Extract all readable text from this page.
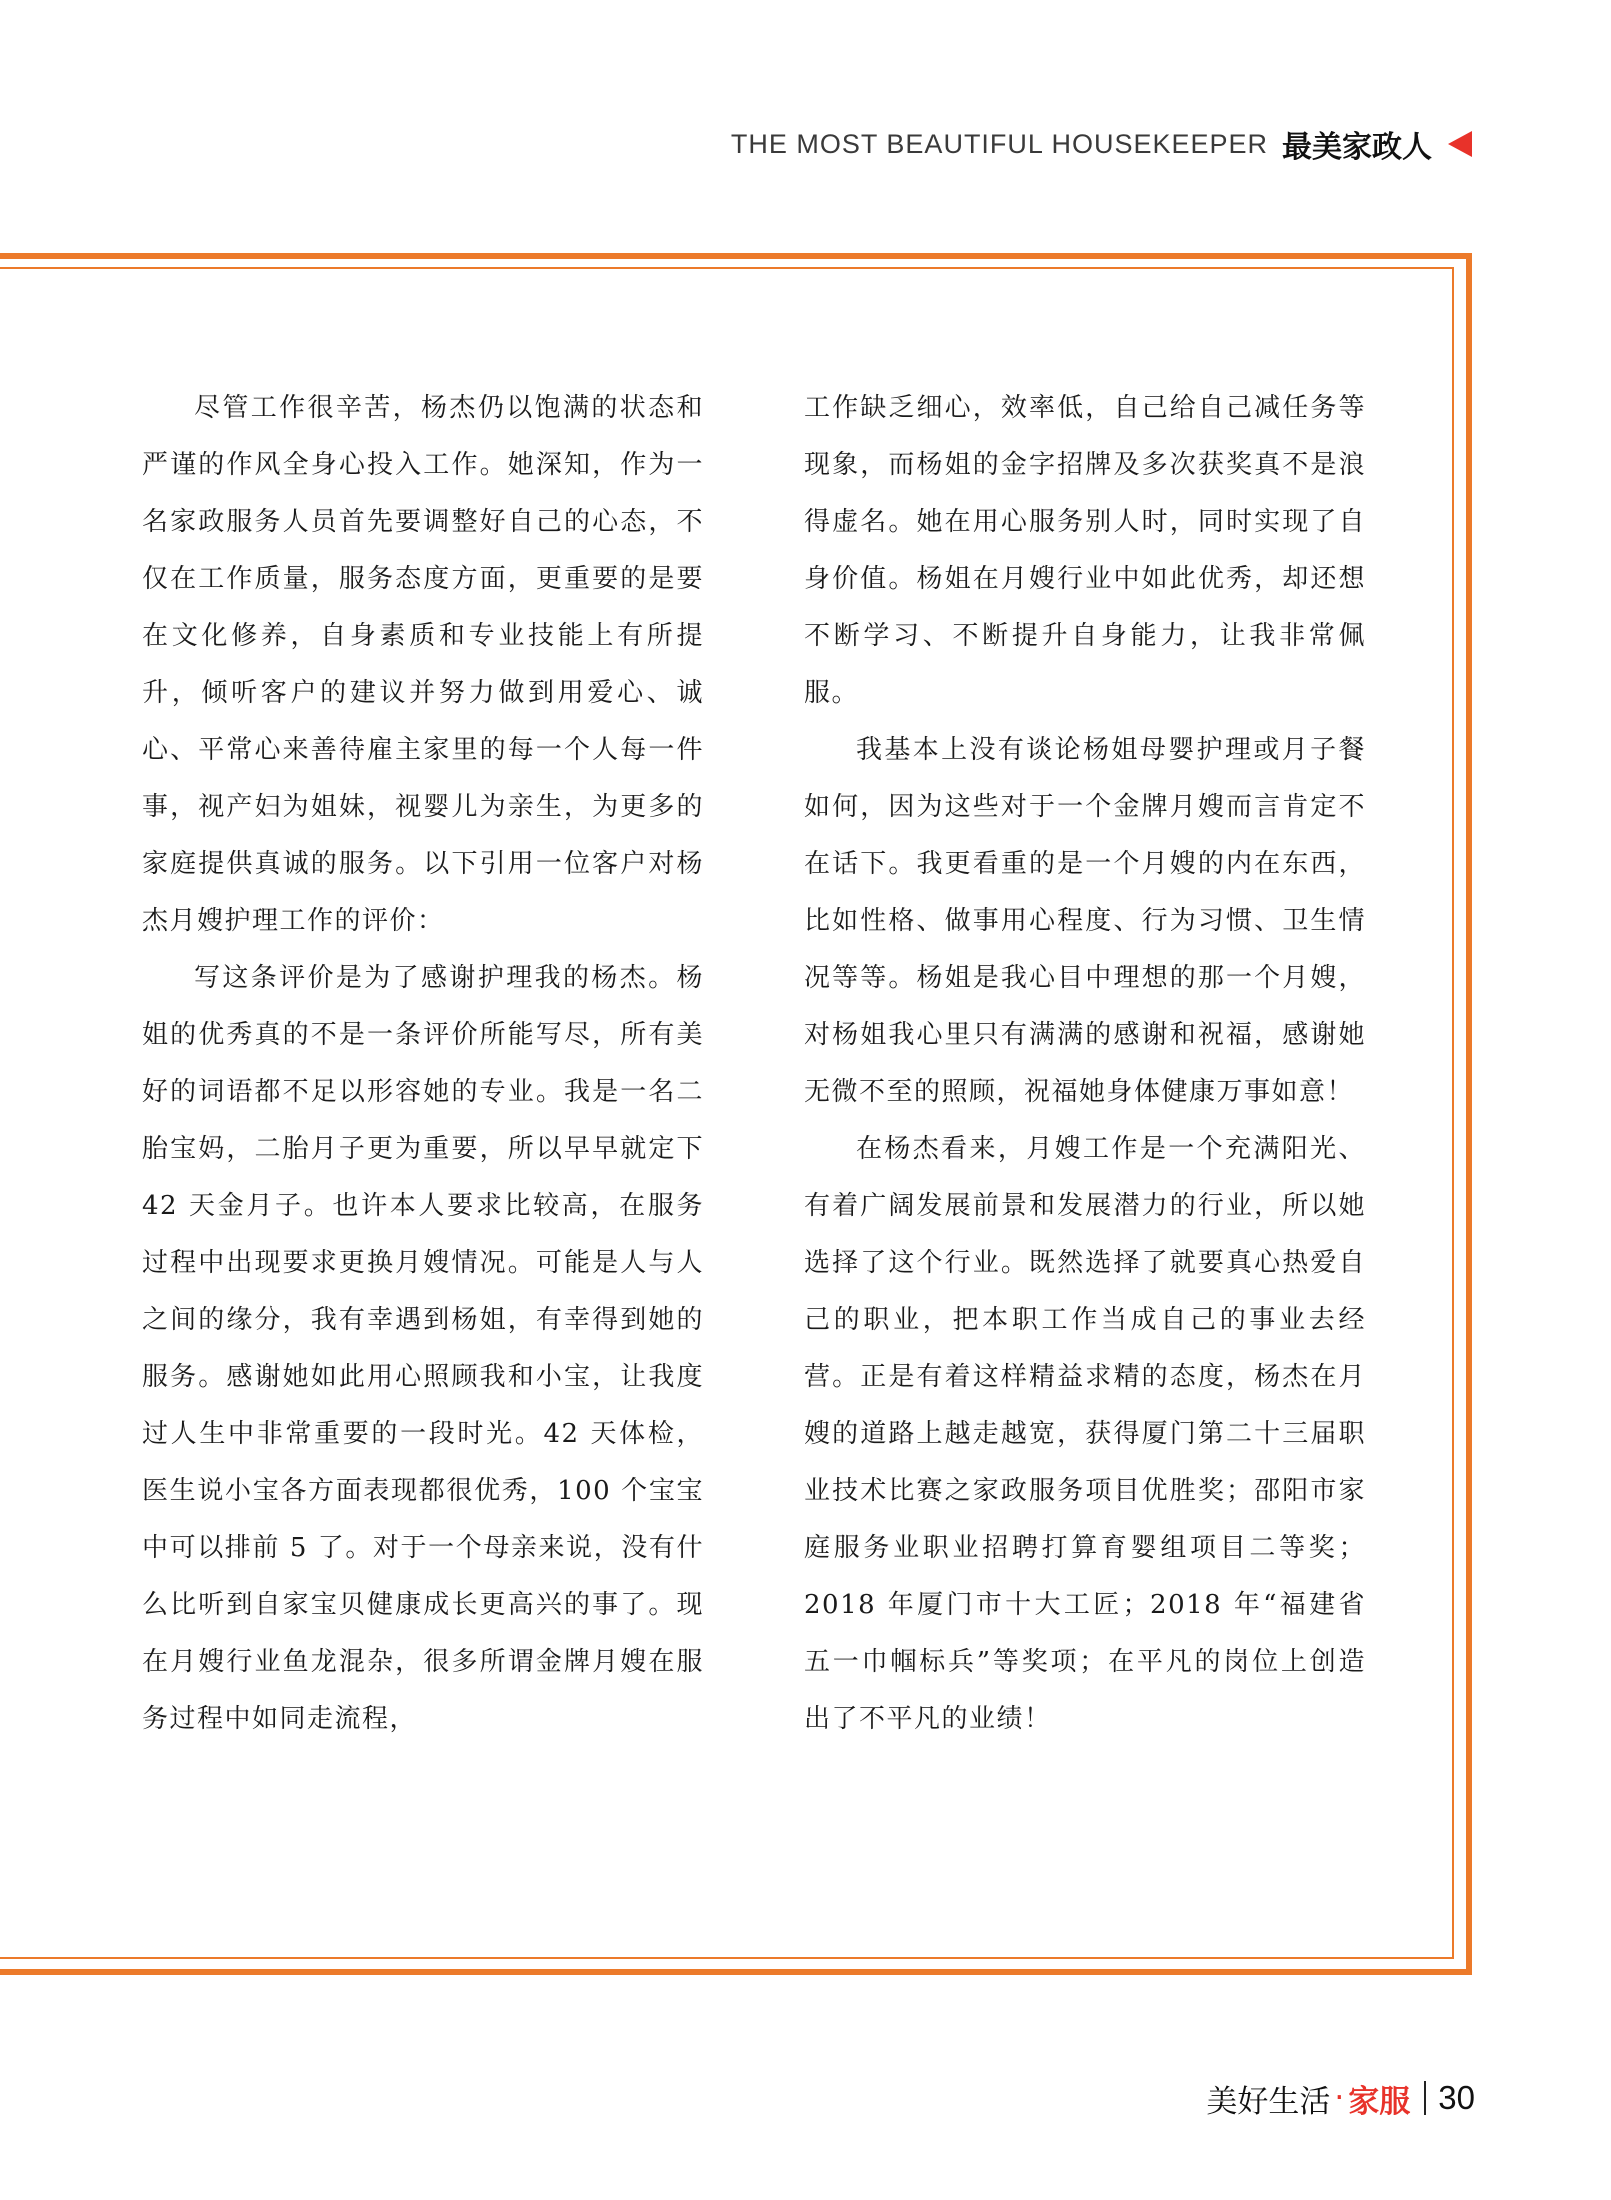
THE MOST BEAUTIFUL HOUSEKEEPER 最美家政人

尽管工作很辛苦，杨杰仍以饱满的状态和严谨的作风全身心投入工作。她深知，作为一名家政服务人员首先要调整好自己的心态，不仅在工作质量，服务态度方面，更重要的是要在文化修养，自身素质和专业技能上有所提升，倾听客户的建议并努力做到用爱心、诚心、平常心来善待雇主家里的每一个人每一件事，视产妇为姐妹，视婴儿为亲生，为更多的家庭提供真诚的服务。以下引用一位客户对杨杰月嫂护理工作的评价：

写这条评价是为了感谢护理我的杨杰。杨姐的优秀真的不是一条评价所能写尽，所有美好的词语都不足以形容她的专业。我是一名二胎宝妈，二胎月子更为重要，所以早早就定下 42 天金月子。也许本人要求比较高，在服务过程中出现要求更换月嫂情况。可能是人与人之间的缘分，我有幸遇到杨姐，有幸得到她的服务。感谢她如此用心照顾我和小宝，让我度过人生中非常重要的一段时光。42 天体检，医生说小宝各方面表现都很优秀，100 个宝宝中可以排前 5 了。对于一个母亲来说，没有什么比听到自家宝贝健康成长更高兴的事了。现在月嫂行业鱼龙混杂，很多所谓金牌月嫂在服务过程中如同走流程，

工作缺乏细心，效率低，自己给自己减任务等现象，而杨姐的金字招牌及多次获奖真不是浪得虚名。她在用心服务别人时，同时实现了自身价值。杨姐在月嫂行业中如此优秀，却还想不断学习、不断提升自身能力，让我非常佩服。

我基本上没有谈论杨姐母婴护理或月子餐如何，因为这些对于一个金牌月嫂而言肯定不在话下。我更看重的是一个月嫂的内在东西，比如性格、做事用心程度、行为习惯、卫生情况等等。杨姐是我心目中理想的那一个月嫂，对杨姐我心里只有满满的感谢和祝福，感谢她无微不至的照顾，祝福她身体健康万事如意！

在杨杰看来，月嫂工作是一个充满阳光、有着广阔发展前景和发展潜力的行业，所以她选择了这个行业。既然选择了就要真心热爱自己的职业，把本职工作当成自己的事业去经营。正是有着这样精益求精的态度，杨杰在月嫂的道路上越走越宽，获得厦门第二十三届职业技术比赛之家政服务项目优胜奖；邵阳市家庭服务业职业招聘打算育婴组项目二等奖；2018 年厦门市十大工匠；2018 年“福建省五一巾帼标兵”等奖项；在平凡的岗位上创造出了不平凡的业绩！

美好生活 · 家服 30
